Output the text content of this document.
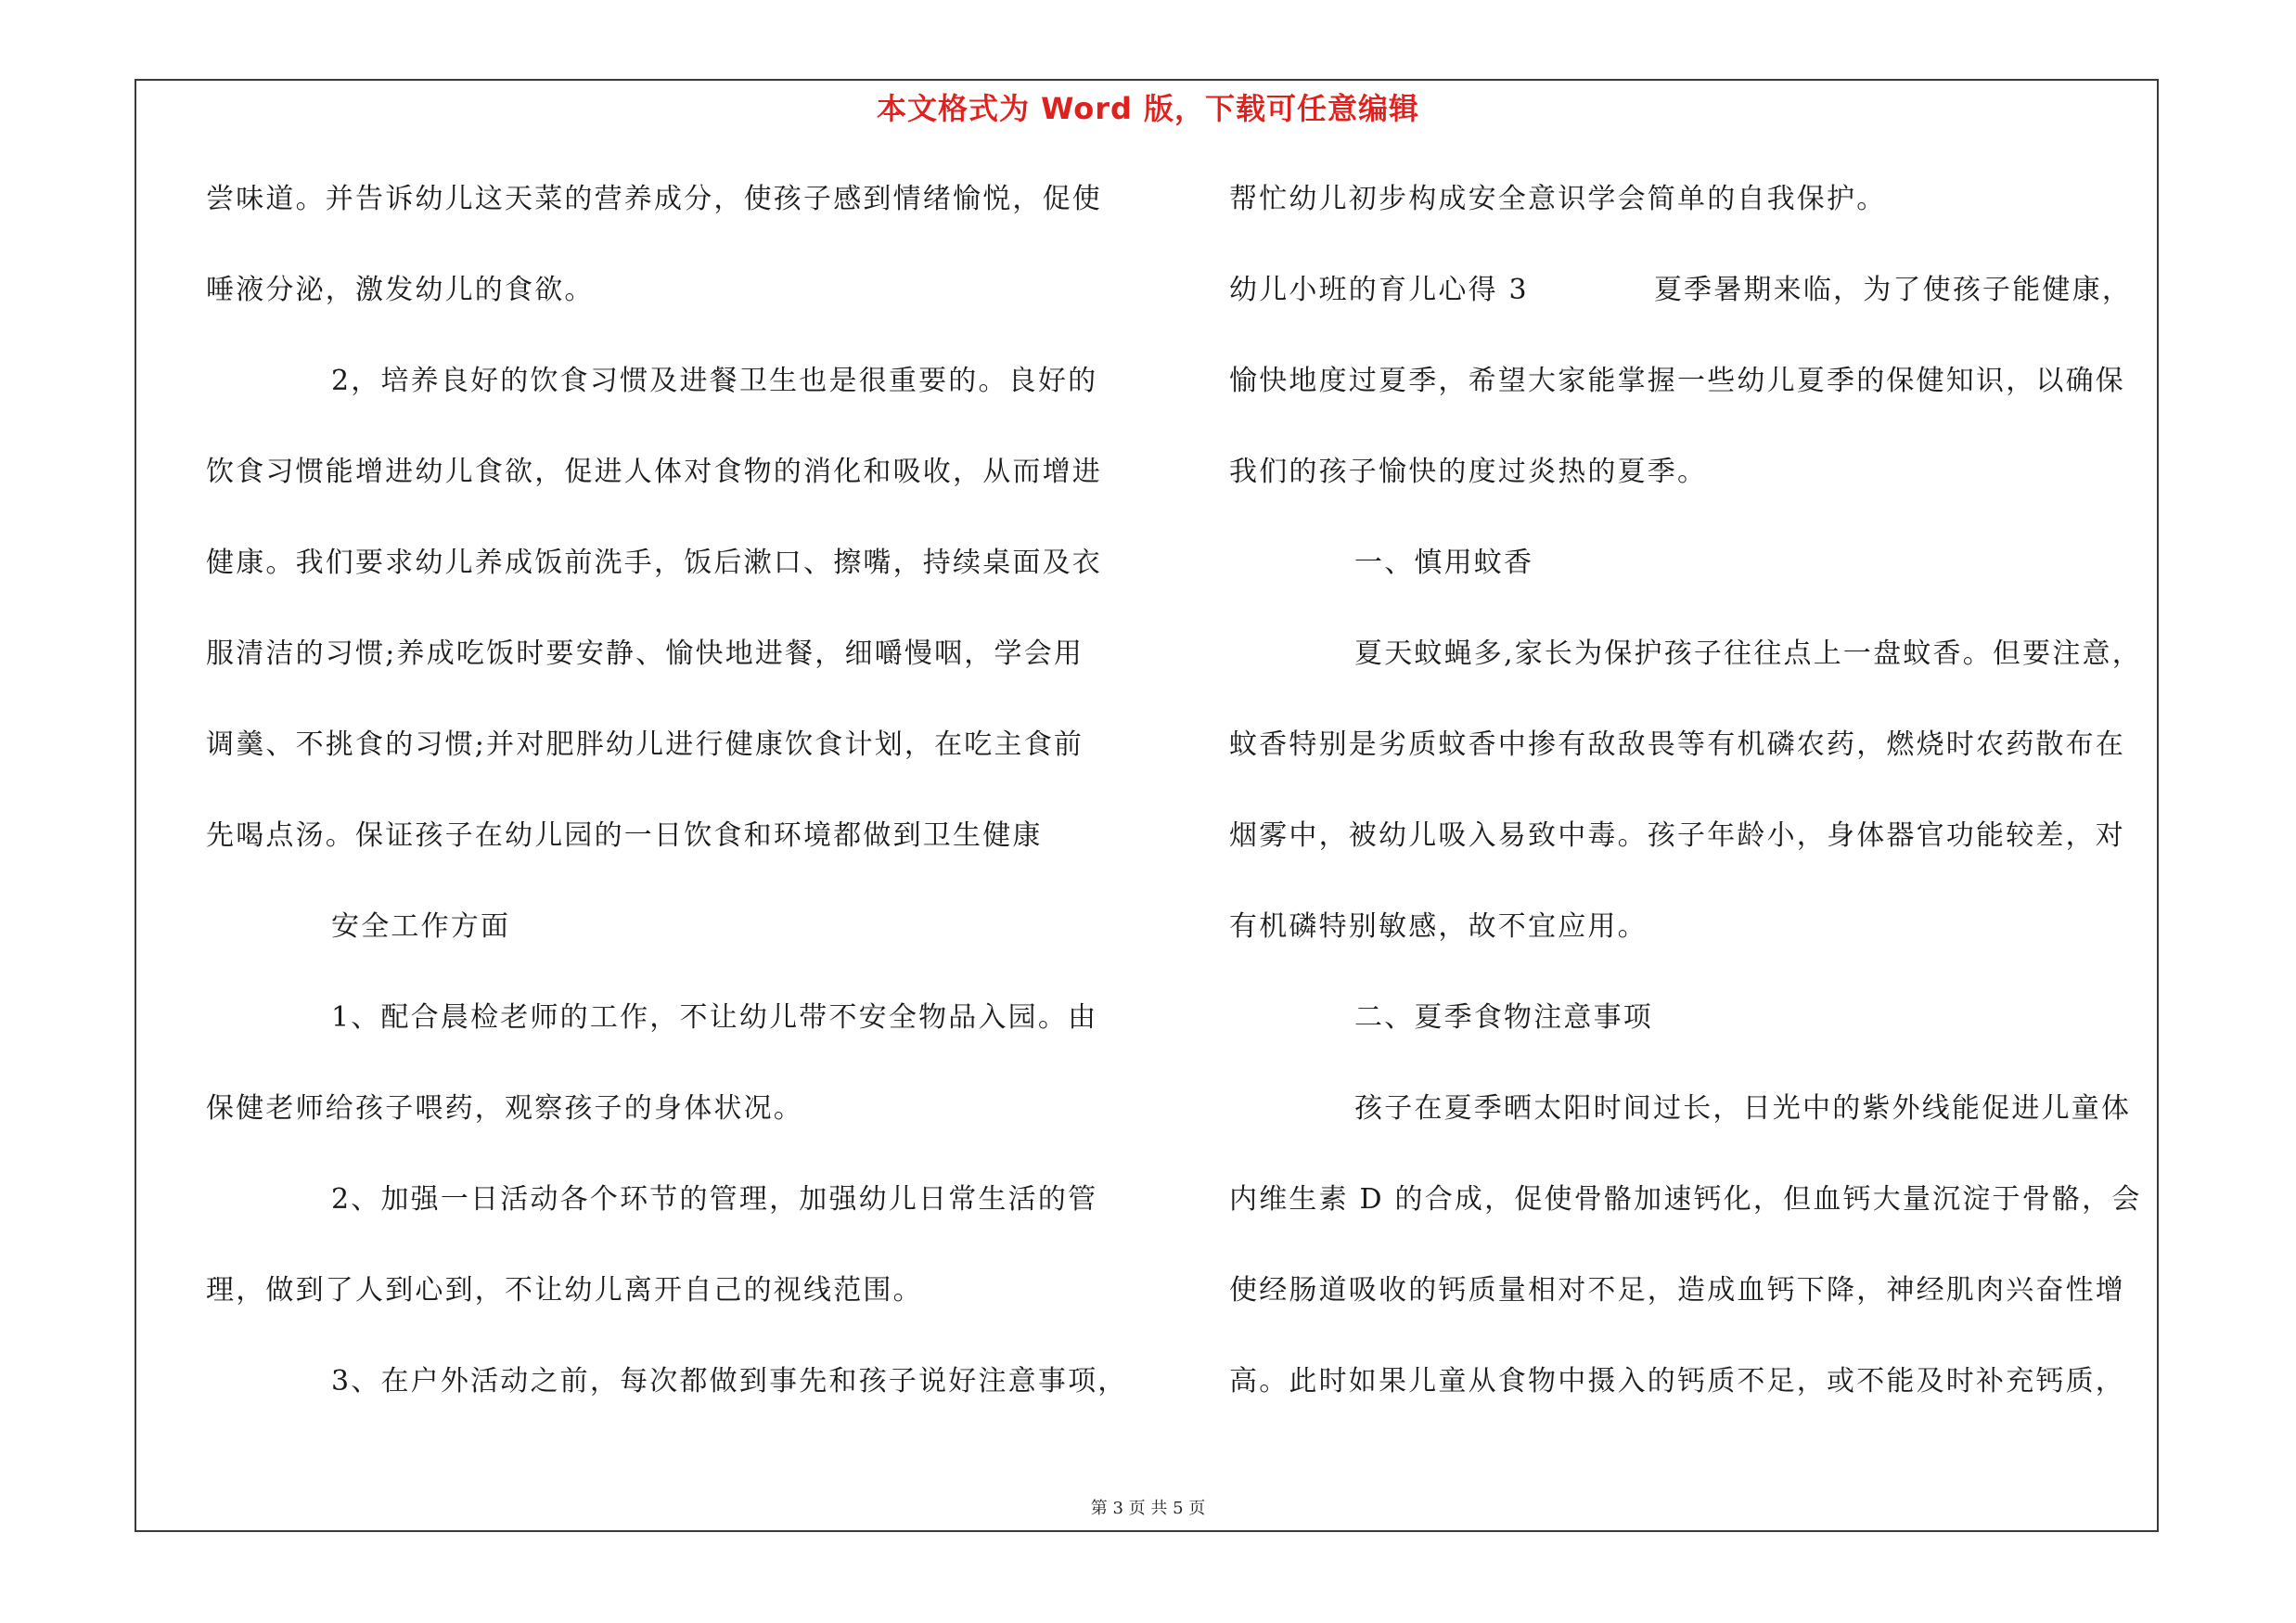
本文格式为 Word 版，下载可任意编辑
尝味道。并告诉幼儿这天菜的营养成分，使孩子感到情绪愉悦，促使
唾液分泌，激发幼儿的食欲。
2，培养良好的饮食习惯及进餐卫生也是很重要的。良好的
饮食习惯能增进幼儿食欲，促进人体对食物的消化和吸收，从而增进
健康。我们要求幼儿养成饭前洗手，饭后漱口、擦嘴，持续桌面及衣
服清洁的习惯;养成吃饭时要安静、愉快地进餐，细嚼慢咽，学会用
调羹、不挑食的习惯;并对肥胖幼儿进行健康饮食计划，在吃主食前
先喝点汤。保证孩子在幼儿园的一日饮食和环境都做到卫生健康
安全工作方面
1、配合晨检老师的工作，不让幼儿带不安全物品入园。由
保健老师给孩子喂药，观察孩子的身体状况。
2、加强一日活动各个环节的管理，加强幼儿日常生活的管
理，做到了人到心到，不让幼儿离开自己的视线范围。
3、在户外活动之前，每次都做到事先和孩子说好注意事项，
帮忙幼儿初步构成安全意识学会简单的自我保护。
幼儿小班的育儿心得 3	夏季暑期来临，为了使孩子能健康，
愉快地度过夏季，希望大家能掌握一些幼儿夏季的保健知识，以确保
我们的孩子愉快的度过炎热的夏季。
一、慎用蚊香
夏天蚊蝇多,家长为保护孩子往往点上一盘蚊香。但要注意，
蚊香特别是劣质蚊香中掺有敌敌畏等有机磷农药，燃烧时农药散布在
烟雾中，被幼儿吸入易致中毒。孩子年龄小，身体器官功能较差，对
有机磷特别敏感，故不宜应用。
二、夏季食物注意事项
孩子在夏季晒太阳时间过长，日光中的紫外线能促进儿童体
内维生素 D 的合成，促使骨骼加速钙化，但血钙大量沉淀于骨骼，会
使经肠道吸收的钙质量相对不足，造成血钙下降，神经肌肉兴奋性增
高。此时如果儿童从食物中摄入的钙质不足，或不能及时补充钙质，
第 3 页 共 5 页
